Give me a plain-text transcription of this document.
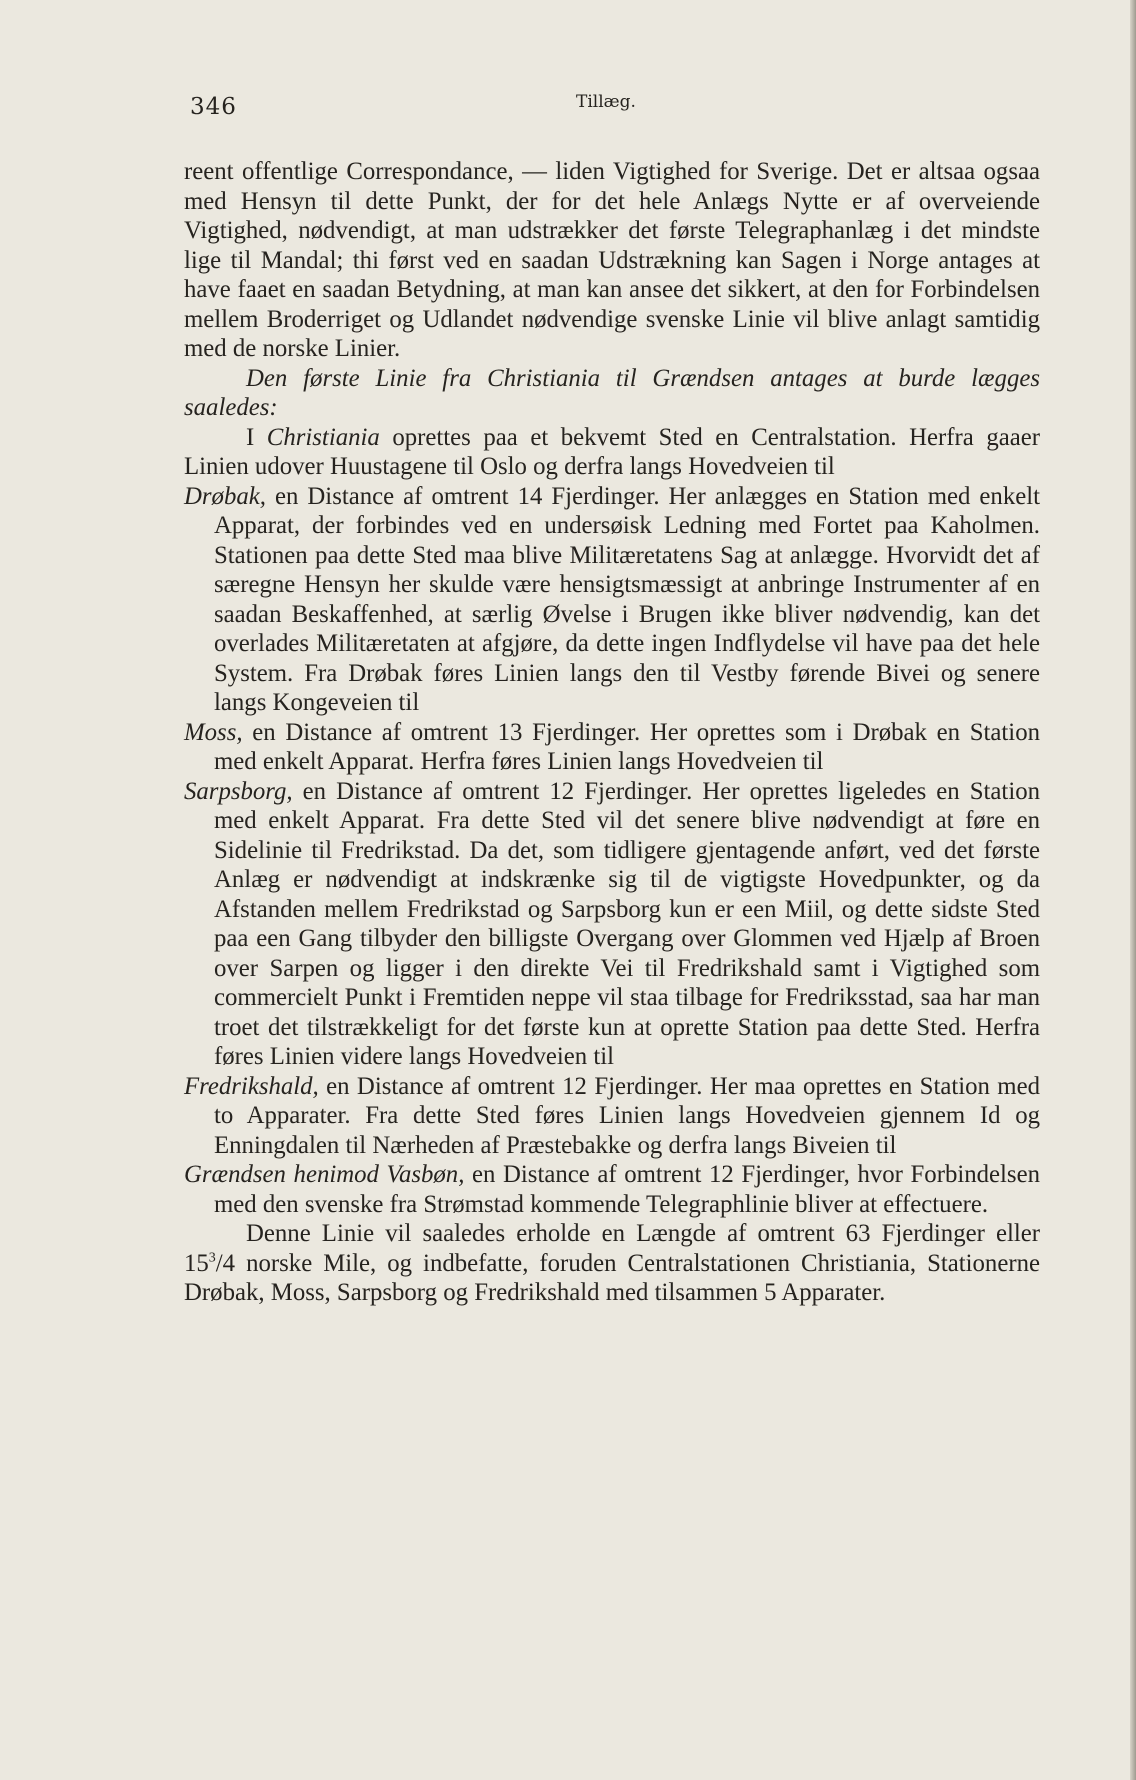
346	Tillæg.

reent offentlige Correspondance, — liden Vigtighed for Sverige. Det er altsaa ogsaa med Hensyn til dette Punkt, der for det hele Anlægs Nytte er af overveiende Vigtighed, nødvendigt, at man udstrækker det første Telegraphanlæg i det mindste lige til Mandal; thi først ved en saadan Udstrækning kan Sagen i Norge antages at have faaet en saadan Betydning, at man kan ansee det sikkert, at den for Forbindelsen mellem Broderriget og Udlandet nødvendige svenske Linie vil blive anlagt samtidig med de norske Linier.

Den første Linie fra Christiania til Grændsen antages at burde lægges saaledes:

I Christiania oprettes paa et bekvemt Sted en Centralstation. Herfra gaaer Linien udover Huustagene til Oslo og derfra langs Hovedveien til

Drøbak, en Distance af omtrent 14 Fjerdinger. Her anlægges en Station med enkelt Apparat, der forbindes ved en undersøisk Ledning med Fortet paa Kaholmen. Stationen paa dette Sted maa blive Militæretatens Sag at anlægge. Hvorvidt det af særegne Hensyn her skulde være hensigtsmæssigt at anbringe Instrumenter af en saadan Beskaffenhed, at særlig Øvelse i Brugen ikke bliver nødvendig, kan det overlades Militæretaten at afgjøre, da dette ingen Indflydelse vil have paa det hele System. Fra Drøbak føres Linien langs den til Vestby førende Bivei og senere langs Kongeveien til

Moss, en Distance af omtrent 13 Fjerdinger. Her oprettes som i Drøbak en Station med enkelt Apparat. Herfra føres Linien langs Hovedveien til

Sarpsborg, en Distance af omtrent 12 Fjerdinger. Her oprettes ligeledes en Station med enkelt Apparat. Fra dette Sted vil det senere blive nødvendigt at føre en Sidelinie til Fredrikstad. Da det, som tidligere gjentagende anført, ved det første Anlæg er nødvendigt at indskrænke sig til de vigtigste Hovedpunkter, og da Afstanden mellem Fredrikstad og Sarpsborg kun er een Miil, og dette sidste Sted paa een Gang tilbyder den billigste Overgang over Glommen ved Hjælp af Broen over Sarpen og ligger i den direkte Vei til Fredrikshald samt i Vigtighed som commercielt Punkt i Fremtiden neppe vil staa tilbage for Fredriksstad, saa har man troet det tilstrækkeligt for det første kun at oprette Station paa dette Sted. Herfra føres Linien videre langs Hovedveien til

Fredrikshald, en Distance af omtrent 12 Fjerdinger. Her maa oprettes en Station med to Apparater. Fra dette Sted føres Linien langs Hovedveien gjennem Id og Enningdalen til Nærheden af Præstebakke og derfra langs Biveien til

Grændsen henimod Vasbøn, en Distance af omtrent 12 Fjerdinger, hvor Forbindelsen med den svenske fra Strømstad kommende Telegraphlinie bliver at effectuere.

Denne Linie vil saaledes erholde en Længde af omtrent 63 Fjerdinger eller $15^3/4$ norske Mile, og indbefatte, foruden Centralstationen Christiania, Stationerne Drøbak, Moss, Sarpsborg og Fredrikshald med tilsammen 5 Apparater.
